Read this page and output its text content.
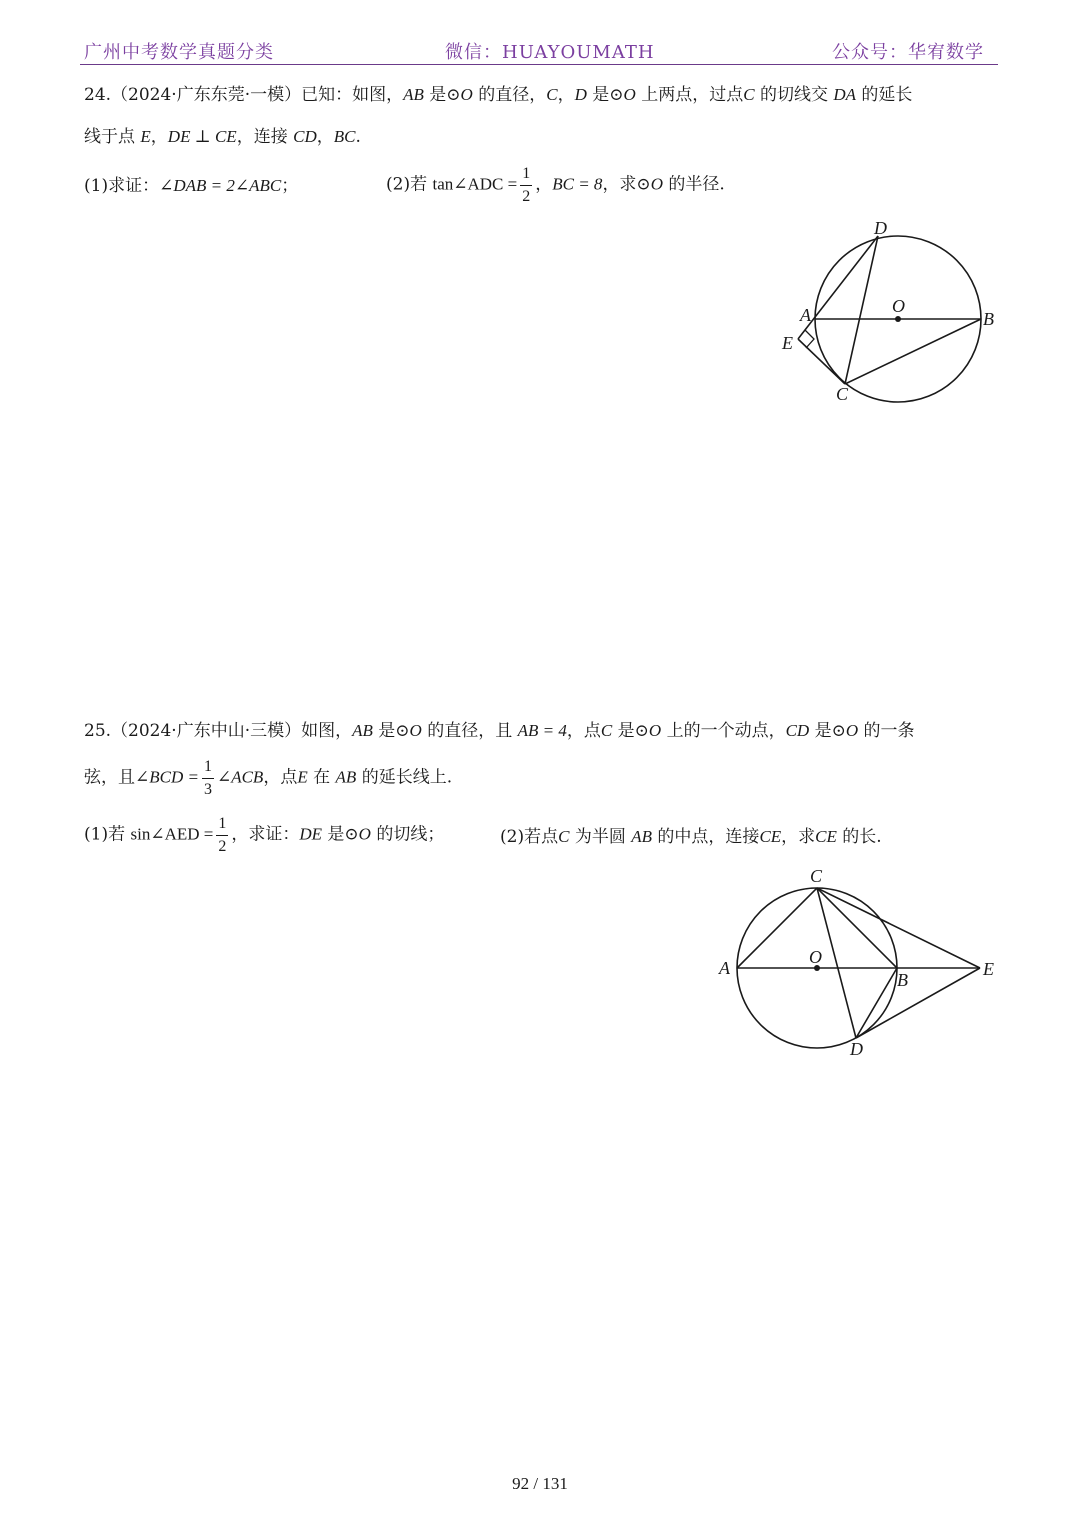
广州中考数学真题分类	微信：HUAYOUMATH	公众号：华宥数学
24.（2024·广东东莞·一模）已知：如图，AB 是⊙O 的直径，C，D 是⊙O 上两点，过点C 的切线交 DA 的延长
线于点 E，DE ⊥ CE，连接 CD，BC.
(1)求证：∠DAB = 2∠ABC；	(2)若 tan∠ADC = $\frac{1}{2}$ ，BC = 8，求⊙O 的半径.
D
A	O
B
E
C
25.（2024·广东中山·三模）如图，AB 是⊙O 的直径，且 AB = 4，点C 是⊙O 上的一个动点，CD 是⊙O 的一条
弦，且∠BCD = $\frac{1}{3}$ ∠ACB，点E 在 AB 的延长线上.
(1)若 sin∠AED = $\frac{1}{2}$ ，求证：DE 是⊙O 的切线；	(2)若点C 为半圆 AB 的中点，连接CE，求CE 的长.
C
A
O
B
E
D
92 / 131
